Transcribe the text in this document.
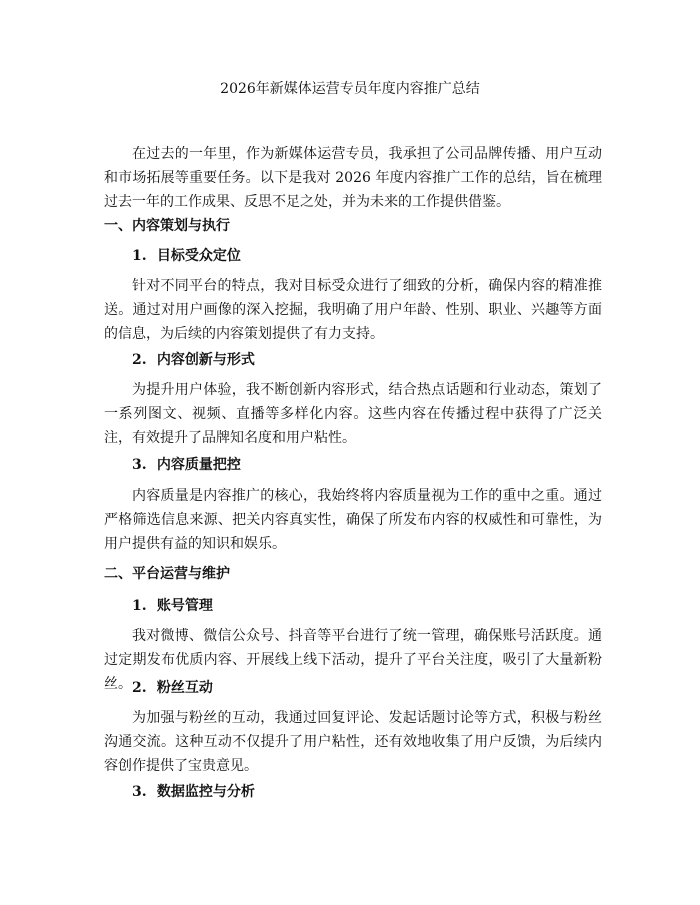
2026年新媒体运营专员年度内容推广总结

在过去的一年里，作为新媒体运营专员，我承担了公司品牌传播、用户互动和市场拓展等重要任务。以下是我对 2026 年度内容推广工作的总结，旨在梳理过去一年的工作成果、反思不足之处，并为未来的工作提供借鉴。

一、内容策划与执行
1. 目标受众定位

针对不同平台的特点，我对目标受众进行了细致的分析，确保内容的精准推送。通过对用户画像的深入挖掘，我明确了用户年龄、性别、职业、兴趣等方面的信息，为后续的内容策划提供了有力支持。

2. 内容创新与形式

为提升用户体验，我不断创新内容形式，结合热点话题和行业动态，策划了一系列图文、视频、直播等多样化内容。这些内容在传播过程中获得了广泛关注，有效提升了品牌知名度和用户粘性。

3. 内容质量把控

内容质量是内容推广的核心，我始终将内容质量视为工作的重中之重。通过严格筛选信息来源、把关内容真实性，确保了所发布内容的权威性和可靠性，为用户提供有益的知识和娱乐。

二、平台运营与维护
1. 账号管理

我对微博、微信公众号、抖音等平台进行了统一管理，确保账号活跃度。通过定期发布优质内容、开展线上线下活动，提升了平台关注度，吸引了大量新粉丝。 2. 粉丝互动

为加强与粉丝的互动，我通过回复评论、发起话题讨论等方式，积极与粉丝沟通交流。这种互动不仅提升了用户粘性，还有效地收集了用户反馈，为后续内容创作提供了宝贵意见。

3. 数据监控与分析
